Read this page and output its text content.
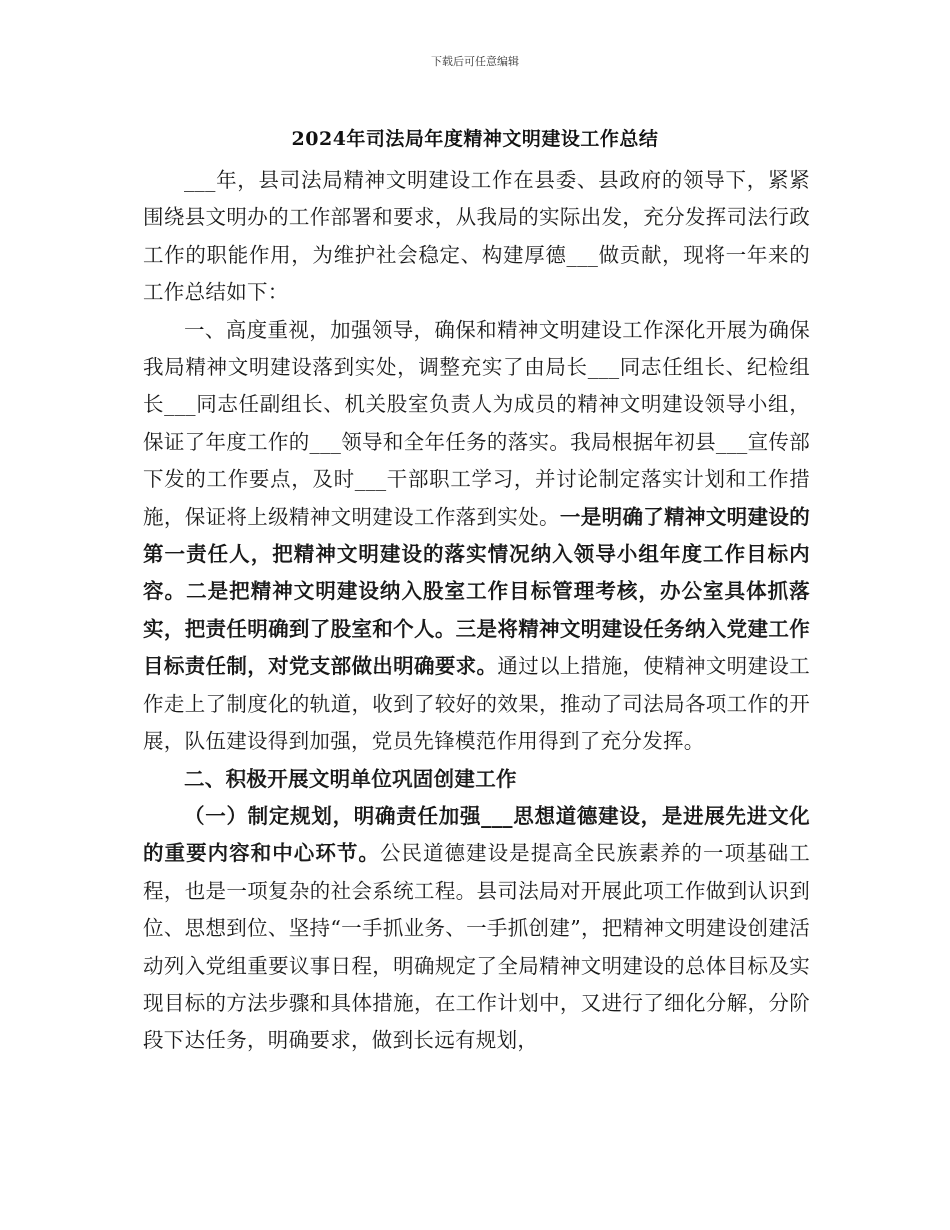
下载后可任意编辑
2024年司法局年度精神文明建设工作总结

___年，县司法局精神文明建设工作在县委、县政府的领导下，紧紧围绕县文明办的工作部署和要求，从我局的实际出发，充分发挥司法行政工作的职能作用，为维护社会稳定、构建厚德___做贡献，现将一年来的工作总结如下：

一、高度重视，加强领导，确保和精神文明建设工作深化开展为确保我局精神文明建设落到实处，调整充实了由局长___同志任组长、纪检组长___同志任副组长、机关股室负责人为成员的精神文明建设领导小组，保证了年度工作的___领导和全年任务的落实。我局根据年初县___宣传部下发的工作要点，及时___干部职工学习，并讨论制定落实计划和工作措施，保证将上级精神文明建设工作落到实处。一是明确了精神文明建设的第一责任人，把精神文明建设的落实情况纳入领导小组年度工作目标内容。二是把精神文明建设纳入股室工作目标管理考核，办公室具体抓落实，把责任明确到了股室和个人。三是将精神文明建设任务纳入党建工作目标责任制，对党支部做出明确要求。通过以上措施，使精神文明建设工作走上了制度化的轨道，收到了较好的效果，推动了司法局各项工作的开展，队伍建设得到加强，党员先锋模范作用得到了充分发挥。

二、积极开展文明单位巩固创建工作

（一）制定规划，明确责任加强___思想道德建设，是进展先进文化的重要内容和中心环节。公民道德建设是提高全民族素养的一项基础工程，也是一项复杂的社会系统工程。县司法局对开展此项工作做到认识到位、思想到位、坚持“一手抓业务、一手抓创建”，把精神文明建设创建活动列入党组重要议事日程，明确规定了全局精神文明建设的总体目标及实现目标的方法步骤和具体措施，在工作计划中，又进行了细化分解，分阶段下达任务，明确要求，做到长远有规划，
